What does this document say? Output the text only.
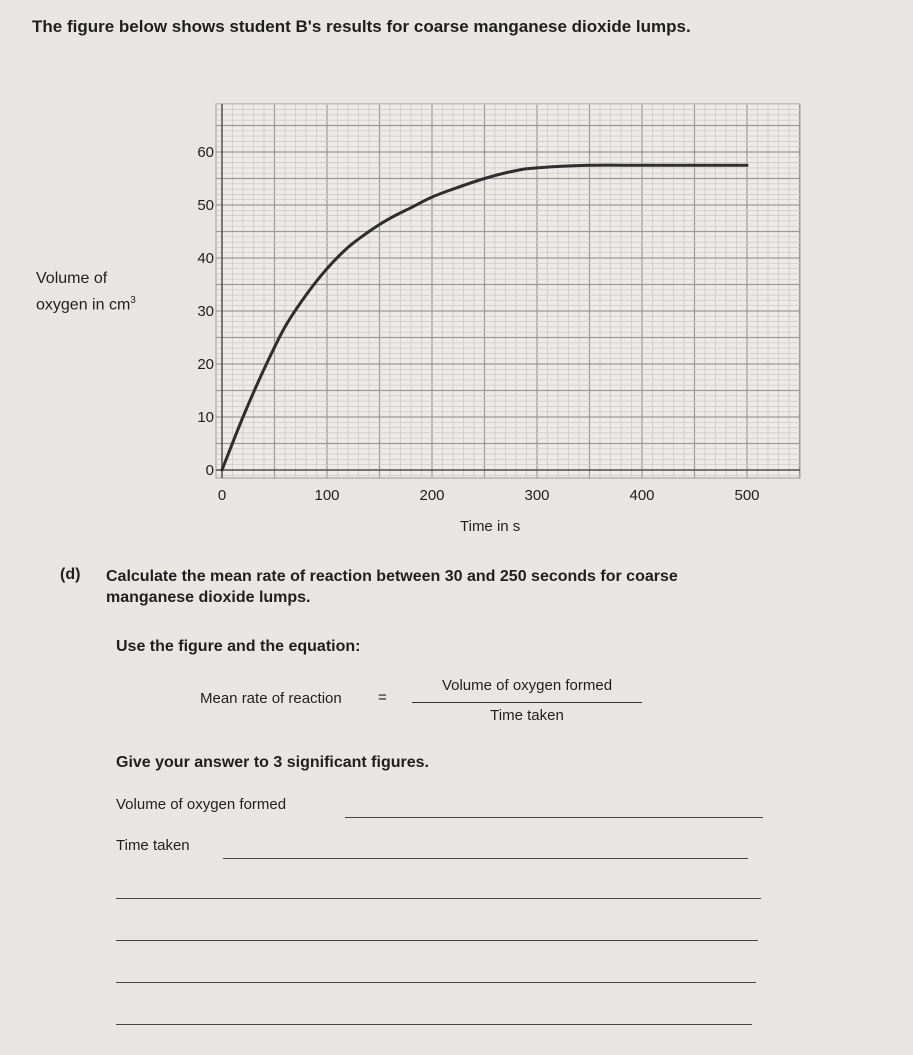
The figure below shows student B's results for coarse manganese dioxide lumps.
0
10
20
30
40
50
60
0	100	200	300	400	500
Volume of
oxygen in $cm^3$
Time in s
(d) Calculate the mean rate of reaction between 30 and 250 seconds for coarse manganese dioxide lumps.
Use the figure and the equation:
Mean rate of reaction =
Volume of oxygen formed
Time taken
Give your answer to 3 significant figures.
Volume of oxygen formed
Time taken
